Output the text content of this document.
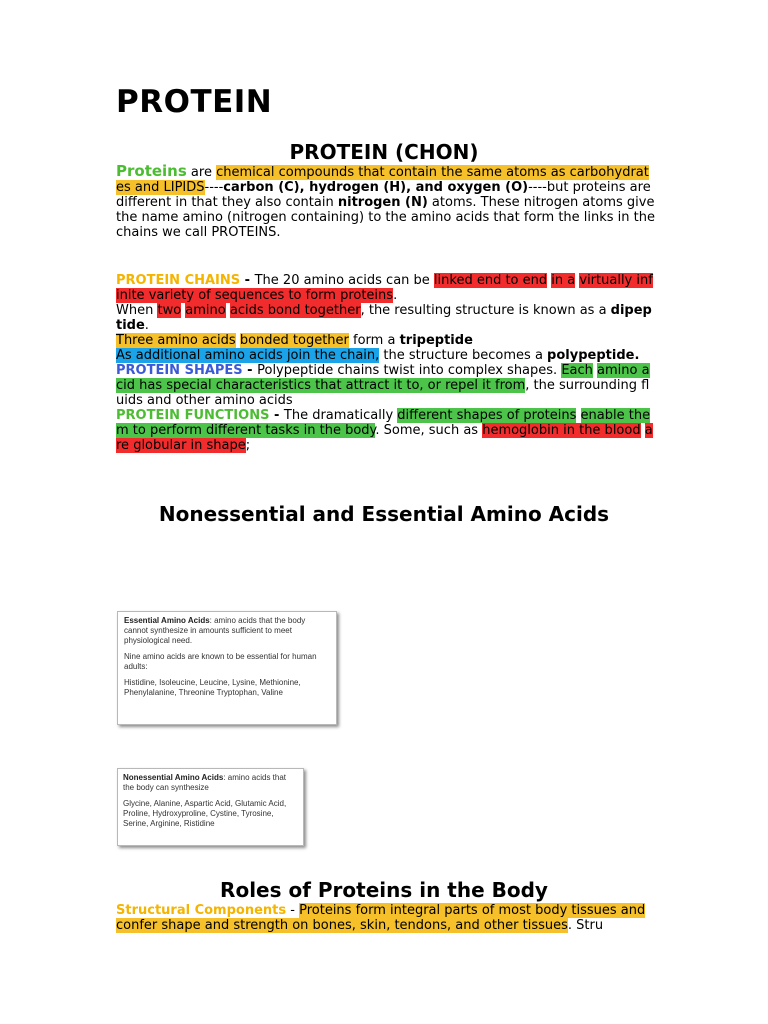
PROTEIN
PROTEIN (CHON)

Proteins are chemical compounds that contain the same atoms as carbohydrates and LIPIDS----carbon (C), hydrogen (H), and oxygen (O)----but proteins are different in that they also contain nitrogen (N) atoms. These nitrogen atoms give the name amino (nitrogen containing) to the amino acids that form the links in the chains we call PROTEINS.

PROTEIN CHAINS - The 20 amino acids can be linked end to end in a virtually infinite variety of sequences to form proteins.
When two amino acids bond together, the resulting structure is known as a dipeptide.
Three amino acids bonded together form a tripeptide
As additional amino acids join the chain, the structure becomes a polypeptide.
PROTEIN SHAPES - Polypeptide chains twist into complex shapes. Each amino acid has special characteristics that attract it to, or repel it from, the surrounding fluids and other amino acids
PROTEIN FUNCTIONS - The dramatically different shapes of proteins enable them to perform different tasks in the body. Some, such as hemoglobin in the blood are globular in shape;

Nonessential and Essential Amino Acids

Essential Amino Acids: amino acids that the body cannot synthesize in amounts sufficient to meet physiological need.

Nine amino acids are known to be essential for human adults:

Histidine, Isoleucine, Leucine, Lysine, Methionine, Phenylalanine, Threonine Tryptophan, Valine

Nonessential Amino Acids: amino acids that the body can synthesize

Glycine, Alanine, Aspartic Acid, Glutamic Acid, Proline, Hydroxyproline, Cystine, Tyrosine, Serine, Arginine, Ristidine

Roles of Proteins in the Body

Structural Components - Proteins form integral parts of most body tissues and confer shape and strength on bones, skin, tendons, and other tissues. Stru
